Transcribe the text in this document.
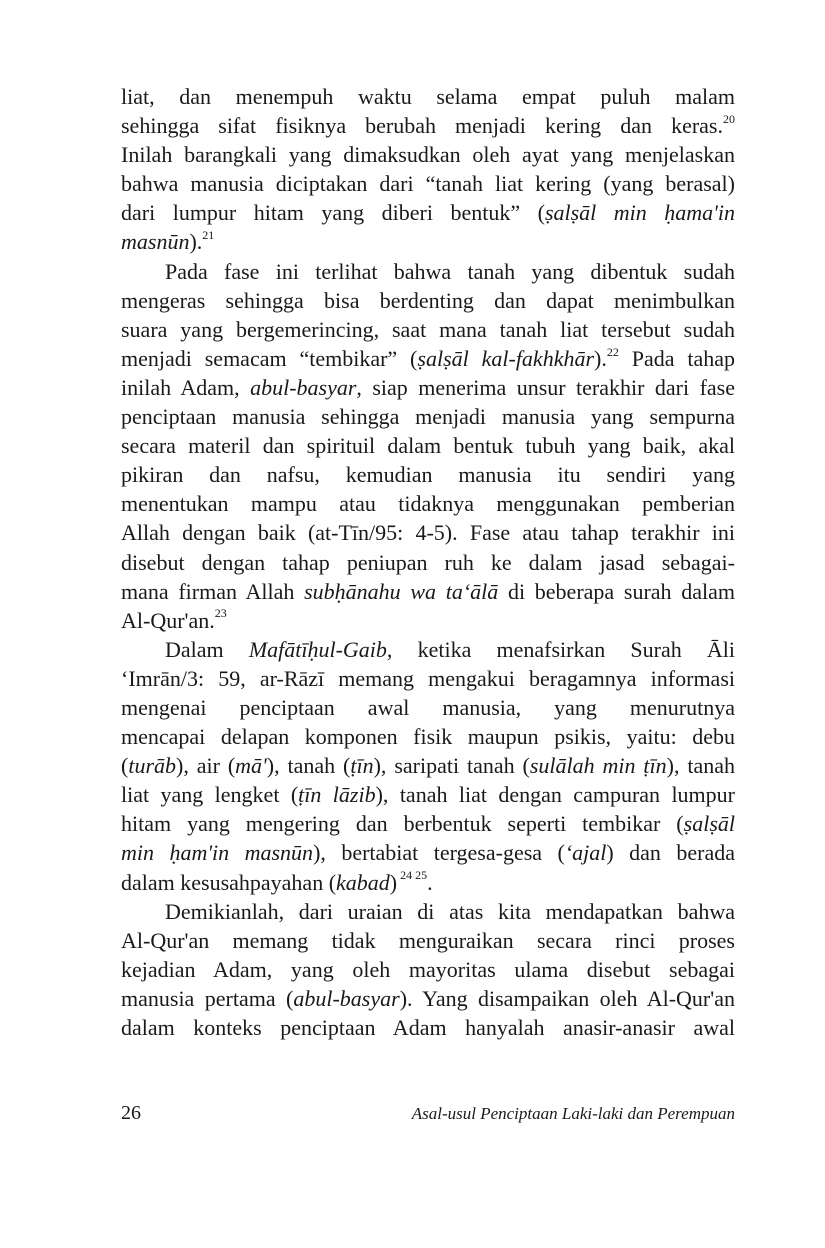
liat, dan menempuh waktu selama empat puluh malam
sehingga sifat fisiknya berubah menjadi kering dan keras.$^{20}$
Inilah barangkali yang dimaksudkan oleh ayat yang menjelaskan
bahwa manusia diciptakan dari “tanah liat kering (yang berasal)
dari lumpur hitam yang diberi bentuk” (ṣalṣāl min ḥama'in
masnūn).$^{21}$
Pada fase ini terlihat bahwa tanah yang dibentuk sudah
mengeras sehingga bisa berdenting dan dapat menimbulkan
suara yang bergemerincing, saat mana tanah liat tersebut sudah
menjadi semacam “tembikar” (ṣalṣāl kal-fakhkhār).$^{22}$ Pada tahap
inilah Adam, abul-basyar, siap menerima unsur terakhir dari fase
penciptaan manusia sehingga menjadi manusia yang sempurna
secara materil dan spirituil dalam bentuk tubuh yang baik, akal
pikiran dan nafsu, kemudian manusia itu sendiri yang
menentukan mampu atau tidaknya menggunakan pemberian
Allah dengan baik (at-Tīn/95: 4-5). Fase atau tahap terakhir ini
disebut dengan tahap peniupan ruh ke dalam jasad sebagai-
mana firman Allah subḥānahu wa ta‘ālā di beberapa surah dalam
Al-Qur'an.$^{23}$
Dalam Mafātīḥul-Gaib, ketika menafsirkan Surah Āli
‘Imrān/3: 59, ar-Rāzī memang mengakui beragamnya informasi
mengenai penciptaan awal manusia, yang menurutnya
mencapai delapan komponen fisik maupun psikis, yaitu: debu
(turāb), air (mā'), tanah (ṭīn), saripati tanah (sulālah min ṭīn), tanah
liat yang lengket (ṭīn lāzib), tanah liat dengan campuran lumpur
hitam yang mengering dan berbentuk seperti tembikar (ṣalṣāl
min ḥam'in masnūn), bertabiat tergesa-gesa (‘ajal) dan berada
dalam kesusahpayahan (kabad) $^{24 25}$.
Demikianlah, dari uraian di atas kita mendapatkan bahwa
Al-Qur'an memang tidak menguraikan secara rinci proses
kejadian Adam, yang oleh mayoritas ulama disebut sebagai
manusia pertama (abul-basyar). Yang disampaikan oleh Al-Qur'an
dalam konteks penciptaan Adam hanyalah anasir-anasir awal
26	Asal-usul Penciptaan Laki-laki dan Perempuan
